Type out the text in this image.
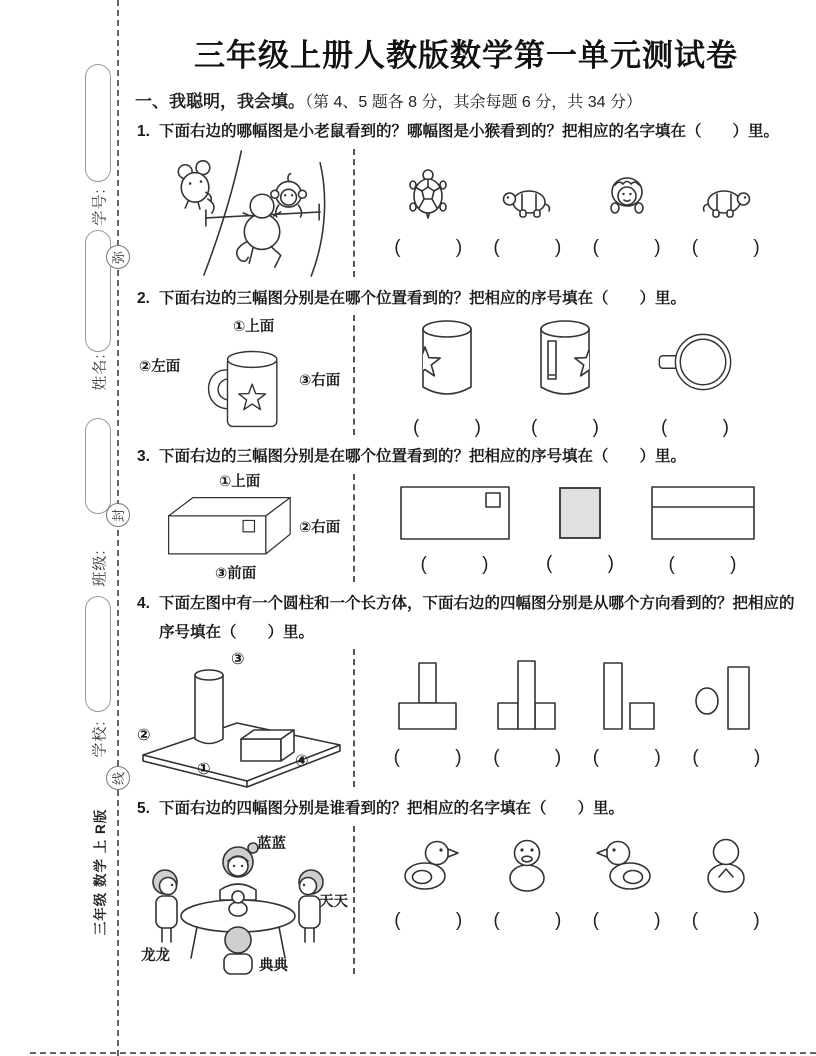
学号:
弥
姓名:
封
班级:
学校:
线
三年级 数学 上 R版
三年级上册人教版数学第一单元测试卷
一、我聪明，我会填。（第 4、5 题各 8 分，其余每题 6 分，共 34 分）

1. 下面右边的哪幅图是小老鼠看到的？哪幅图是小猴看到的？把相应的名字填在（　　）里。

(	) (	) (	) (	)

2. 下面右边的三幅图分别是在哪个位置看到的？把相应的序号填在（　　）里。

①上面
②左面
③右面
(	)	(	)	(	)

3. 下面右边的三幅图分别是在哪个位置看到的？把相应的序号填在（　　）里。

①上面
②右面
③前面	(	)	(	)	(	)

4. 下面左图中有一个圆柱和一个长方体，下面右边的四幅图分别是从哪个方向看到的？把相应的序号填在（　　）里。

③
②
④
①
(	) (	) (	) (	)

5. 下面右边的四幅图分别是谁看到的？把相应的名字填在（　　）里。

蓝蓝
天天
龙龙
典典
(	) (	) (	) (	)
